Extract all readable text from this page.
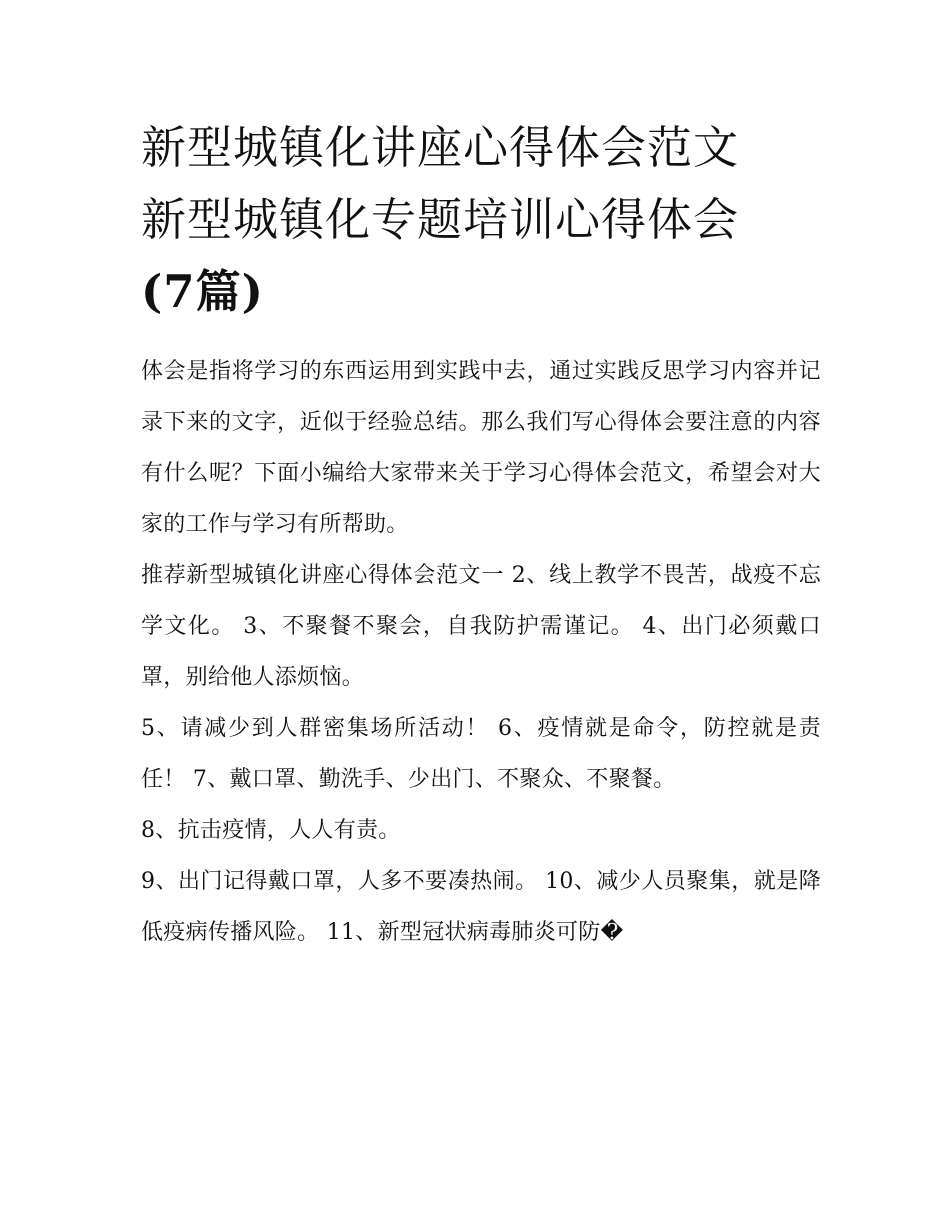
新型城镇化讲座心得体会范文
新型城镇化专题培训心得体会
(7篇)

体会是指将学习的东西运用到实践中去，通过实践反思学习内容并记录下来的文字，近似于经验总结。那么我们写心得体会要注意的内容有什么呢？下面小编给大家带来关于学习心得体会范文，希望会对大家的工作与学习有所帮助。

推荐新型城镇化讲座心得体会范文一 2、线上教学不畏苦，战疫不忘学文化。 3、不聚餐不聚会，自我防护需谨记。 4、出门必须戴口罩，别给他人添烦恼。

5、请减少到人群密集场所活动！ 6、疫情就是命令，防控就是责任！ 7、戴口罩、勤洗手、少出门、不聚众、不聚餐。

8、抗击疫情，人人有责。

9、出门记得戴口罩，人多不要凑热闹。 10、减少人员聚集，就是降低疫病传播风险。 11、新型冠状病毒肺炎可防�
